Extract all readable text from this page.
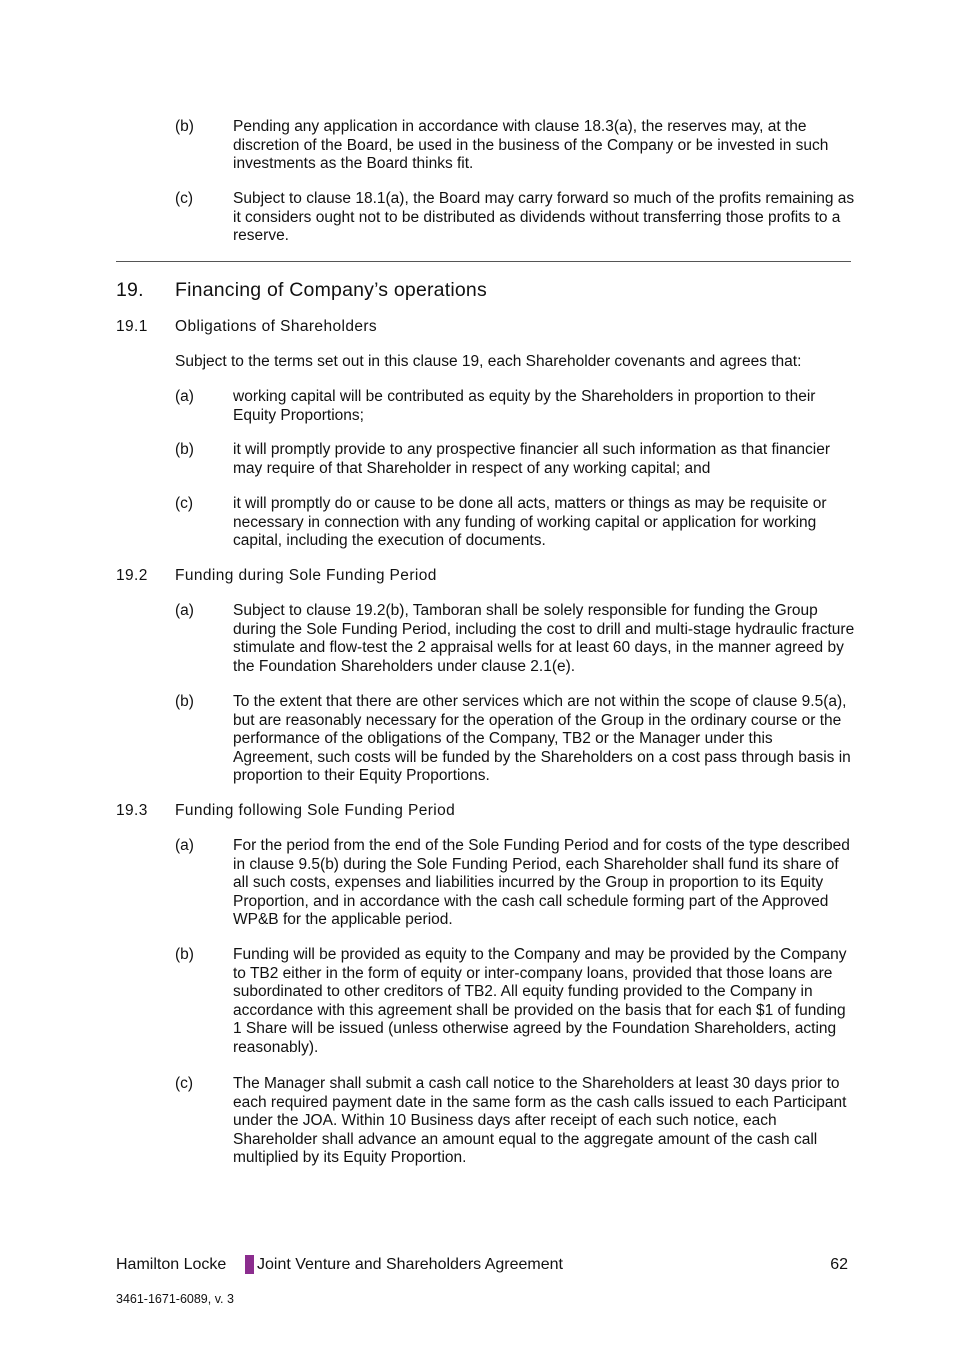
(b)	Pending any application in accordance with clause 18.3(a), the reserves may, at the discretion of the Board, be used in the business of the Company or be invested in such investments as the Board thinks fit.
(c)	Subject to clause 18.1(a), the Board may carry forward so much of the profits remaining as it considers ought not to be distributed as dividends without transferring those profits to a reserve.
19. Financing of Company’s operations
19.1 Obligations of Shareholders
Subject to the terms set out in this clause 19, each Shareholder covenants and agrees that:
(a)	working capital will be contributed as equity by the Shareholders in proportion to their Equity Proportions;
(b)	it will promptly provide to any prospective financier all such information as that financier may require of that Shareholder in respect of any working capital; and
(c)	it will promptly do or cause to be done all acts, matters or things as may be requisite or necessary in connection with any funding of working capital or application for working capital, including the execution of documents.
19.2 Funding during Sole Funding Period
(a)	Subject to clause 19.2(b), Tamboran shall be solely responsible for funding the Group during the Sole Funding Period, including the cost to drill and multi-stage hydraulic fracture stimulate and flow-test the 2 appraisal wells for at least 60 days, in the manner agreed by the Foundation Shareholders under clause 2.1(e).
(b)	To the extent that there are other services which are not within the scope of clause 9.5(a), but are reasonably necessary for the operation of the Group in the ordinary course or the performance of the obligations of the Company, TB2 or the Manager under this Agreement, such costs will be funded by the Shareholders on a cost pass through basis in proportion to their Equity Proportions.
19.3 Funding following Sole Funding Period
(a)	For the period from the end of the Sole Funding Period and for costs of the type described in clause 9.5(b) during the Sole Funding Period, each Shareholder shall fund its share of all such costs, expenses and liabilities incurred by the Group in proportion to its Equity Proportion, and in accordance with the cash call schedule forming part of the Approved WP&B for the applicable period.
(b)	Funding will be provided as equity to the Company and may be provided by the Company to TB2 either in the form of equity or inter-company loans, provided that those loans are subordinated to other creditors of TB2. All equity funding provided to the Company in accordance with this agreement shall be provided on the basis that for each $1 of funding 1 Share will be issued (unless otherwise agreed by the Foundation Shareholders, acting reasonably).
(c)	The Manager shall submit a cash call notice to the Shareholders at least 30 days prior to each required payment date in the same form as the cash calls issued to each Participant under the JOA. Within 10 Business days after receipt of each such notice, each Shareholder shall advance an amount equal to the aggregate amount of the cash call multiplied by its Equity Proportion.
Hamilton Locke Joint Venture and Shareholders Agreement	62
3461-1671-6089, v. 3
